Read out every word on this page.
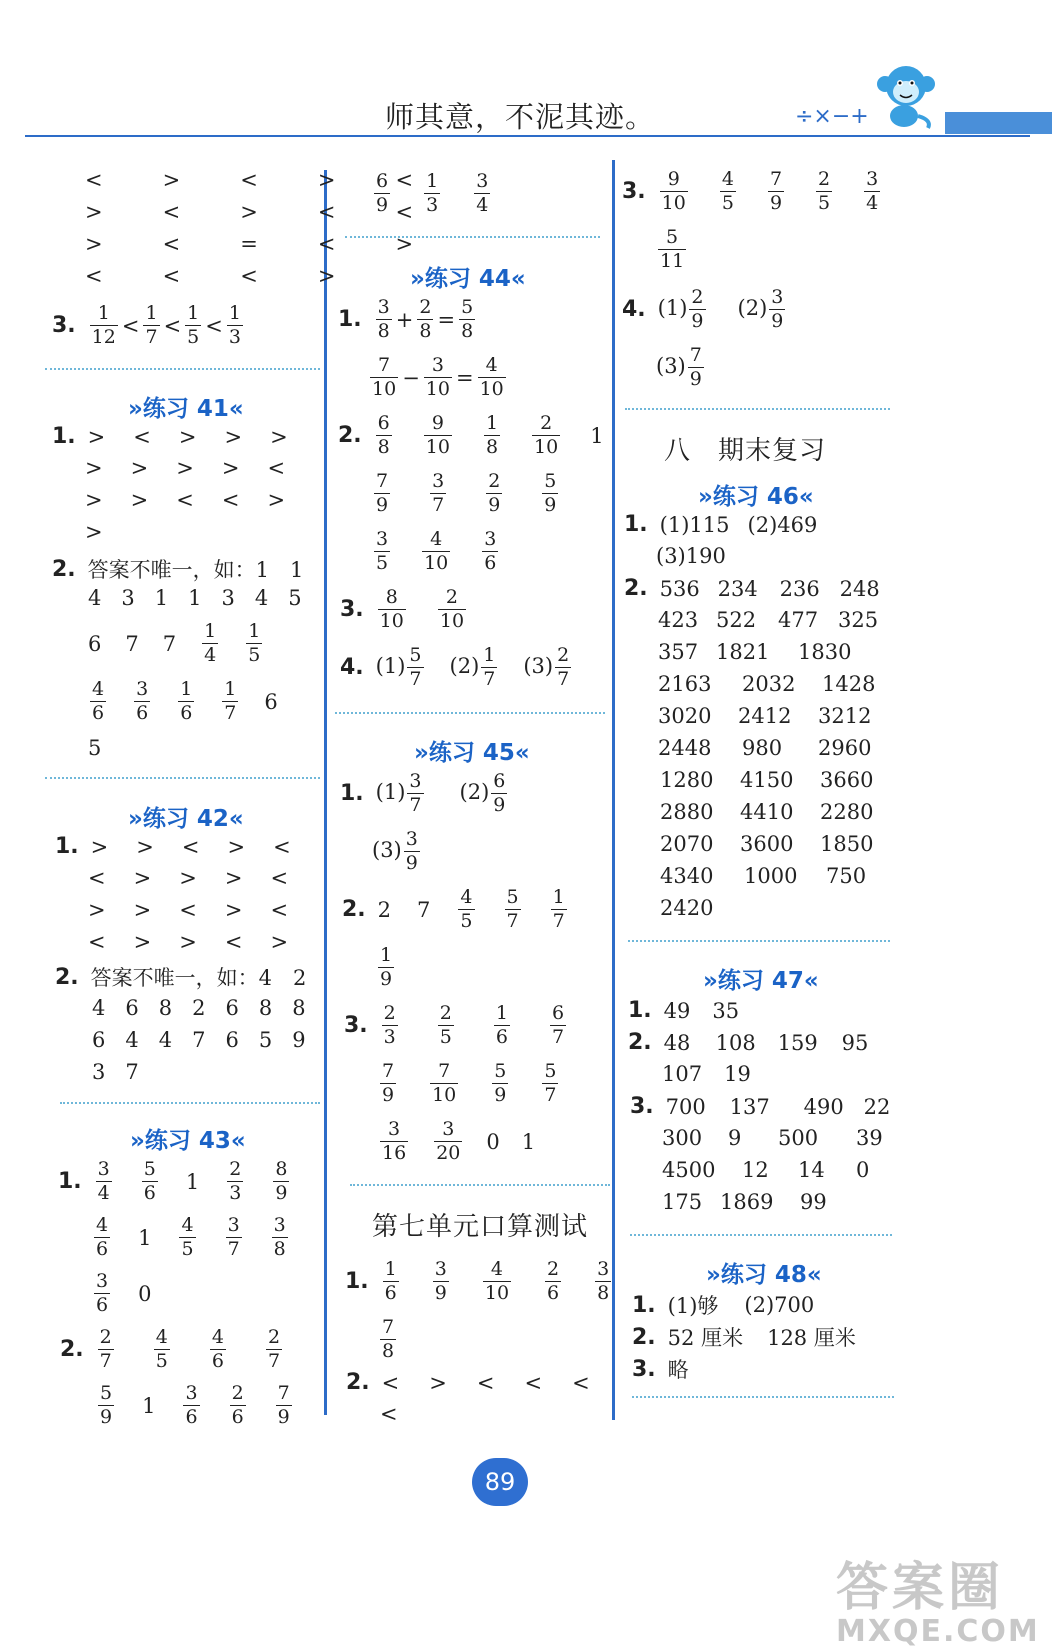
师其意，不泥其迹。	÷×−+
<	>	<	>	<
>	<	>	<	<
>	<	=	<	>
<	<	<	>
3. $\frac{1}{12} < \frac{1}{7} < \frac{1}{5} < \frac{1}{3}$
»练习 41«
1. > < > > >
> > > > <
> > < < >
>
2. 答案不唯一，如：1　1
4 3 1 1 3 4 5
6 7 $7 \frac{1}{4} \frac{1}{5}$
$\frac{4}{6} \frac{3}{6} \frac{1}{6} \frac{1}{7} 6$
5
»练习 42«
1. > > < > <
< > > > <
> > < > <
< > > < >
2. 答案不唯一，如：4　2
4 6 8 2 6 8 8
6 4 4 7 6 5 9
3 7
»练习 43«
1. $\frac{3}{4} \frac{5}{6} 1 \frac{2}{3} \frac{8}{9}$
$\frac{4}{6} 1 \frac{4}{5} \frac{3}{7} \frac{3}{8}$
$\frac{3}{6} 0$
2. $\frac{2}{7} \frac{4}{5} \frac{4}{6} \frac{2}{7}$
$\frac{5}{9} 1 \frac{3}{6} \frac{2}{6} \frac{7}{9}$
$\frac{6}{9} \frac{1}{3} \frac{3}{4}$
»练习 44«
1. $\frac{3}{8} + \frac{2}{8} = \frac{5}{8}$
$\frac{7}{10} - \frac{3}{10} = \frac{4}{10}$
2. $\frac{6}{8} \frac{9}{10} \frac{1}{8} \frac{2}{10} 1$
$\frac{7}{9} \frac{3}{7} \frac{2}{9} \frac{5}{9}$
$\frac{3}{5} \frac{4}{10} \frac{3}{6}$
3. $\frac{8}{10} \frac{2}{10}$
4. $(1) \frac{5}{7} (2) \frac{1}{7} (3) \frac{2}{7}$
»练习 45«
1. $(1) \frac{3}{7} (2) \frac{6}{9}$
$(3) \frac{3}{9}$
2. 2 $7 \frac{4}{5} \frac{5}{7} \frac{1}{7}$
$\frac{1}{9}$
3. $\frac{2}{3} \frac{2}{5} \frac{1}{6} \frac{6}{7}$
$\frac{7}{9} \frac{7}{10} \frac{5}{9} \frac{5}{7}$
$\frac{3}{16} \frac{3}{20} 0$ 1
第七单元口算测试
1. $\frac{1}{6} \frac{3}{9} \frac{4}{10} \frac{2}{6} \frac{3}{8}$
$\frac{7}{8}$
2. < > < < <
<
3. $\frac{9}{10} \frac{4}{5} \frac{7}{9} \frac{2}{5} \frac{3}{4}$
$\frac{5}{11}$
4. $(1) \frac{2}{9} (2) \frac{3}{9}$
$(3) \frac{7}{9}$
八　期末复习
»练习 46«
1. (1)115 (2)469
(3)190
2. 536 234	236 248
423 522	477 325
357 1821	1830
2163	2032	1428
3020	2412	3212
2448	980	2960
1280	4150	3660
2880	4410	2280
2070	3600	1850
4340	1000	750
2420
»练习 47«
1. 49 35
2. 48	108	159	95
107 19
3. 700	137	490 22
300	9	500	39
4500	12	14	0
175 1869	99
»练习 48«
1. (1)够 (2)700
2. 52 厘米 128 厘米
3. 略
89
答案圈
MXQE.COM
